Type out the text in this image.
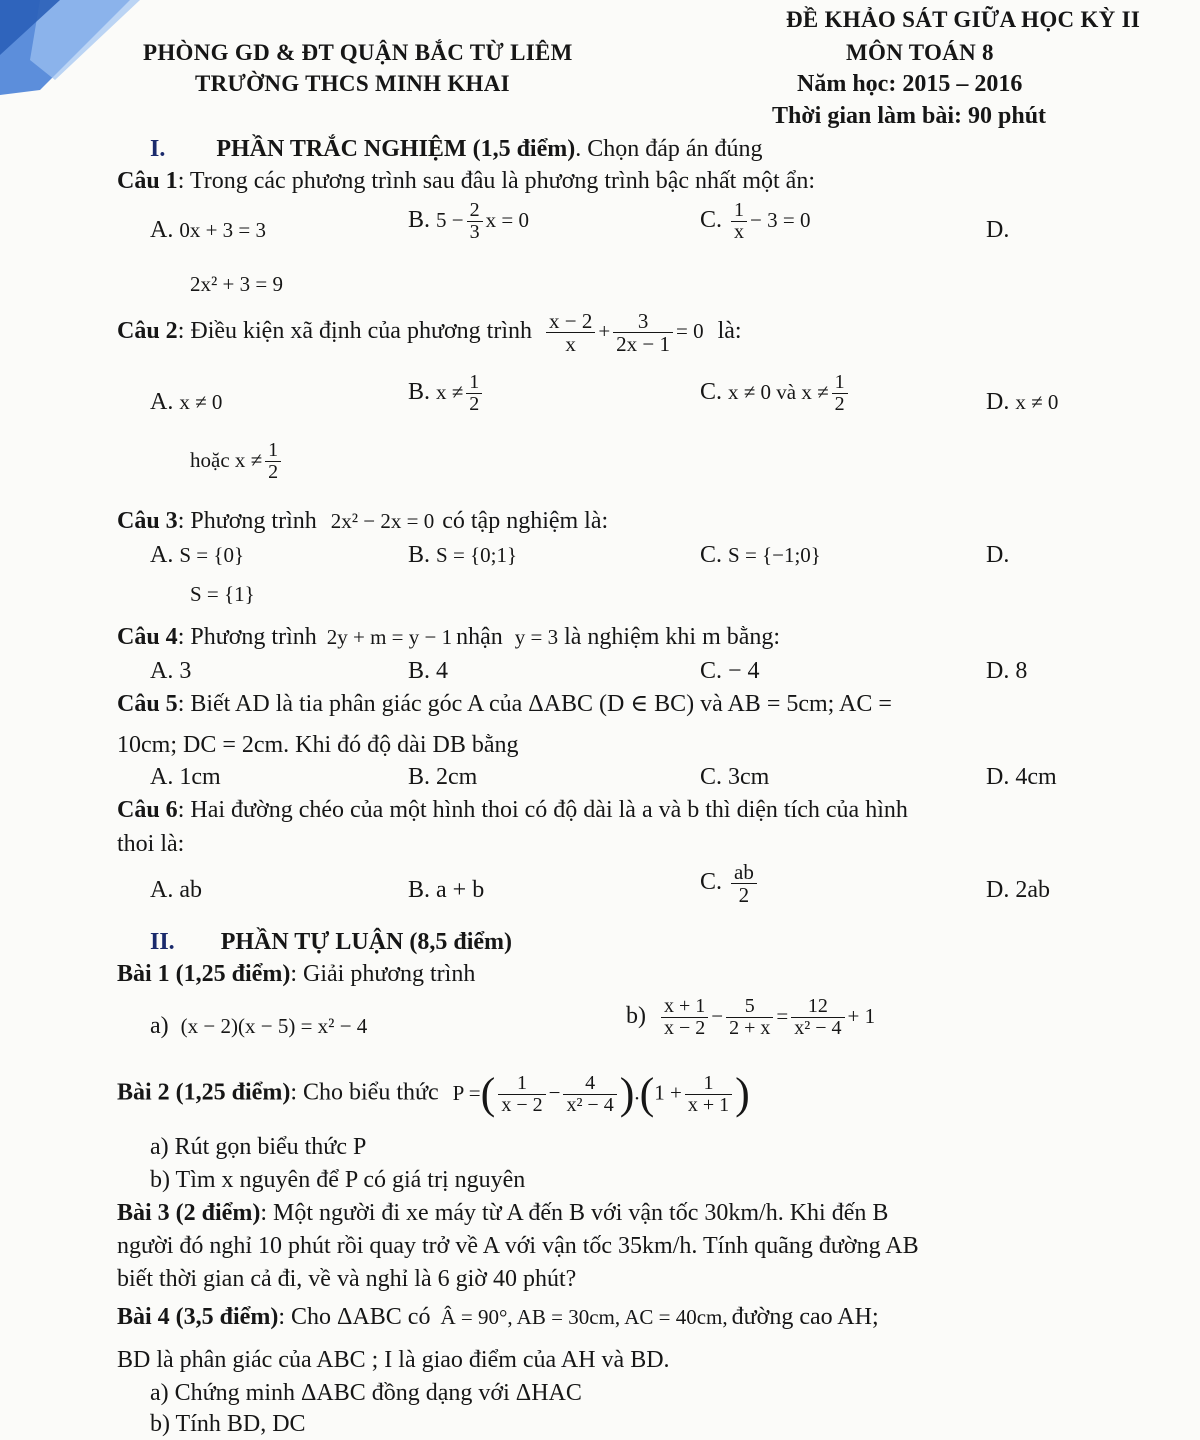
ĐỀ KHẢO SÁT GIỮA HỌC KỲ II
PHÒNG GD & ĐT QUẬN BẮC TỪ LIÊM	MÔN TOÁN 8
TRƯỜNG THCS MINH KHAI	Năm học: 2015 – 2016
Thời gian làm bài: 90 phút
I. PHẦN TRẮC NGHIỆM (1,5 điểm). Chọn đáp án đúng
Câu 1: Trong các phương trình sau đâu là phương trình bậc nhất một ẩn:
A. 0x + 3 = 3	B. $5 - \frac{2}{3}$ x = 0	C. $\frac{1}{x} - 3 = 0$	D.
2x² + 3 = 9
Câu 2: Điều kiện xã định của phương trình $\frac{x - 2}{x} + \frac{3}{2x - 1} = 0$ là:
A. x ≠ 0	B. $x \ne \frac{1}{2}$	C. x ≠ 0 và $x \ne \frac{1}{2}$	D. x ≠ 0
hoặc $x \ne \frac{1}{2}$
Câu 3: Phương trình 2x² − 2x = 0 có tập nghiệm là:
A. S = {0}	B. S = {0;1}	C. S = {−1;0}	D.
S = {1}
Câu 4: Phương trình 2y + m = y − 1 nhận y = 3 là nghiệm khi m bằng:
A. 3	B. 4	C. − 4	D. 8
Câu 5: Biết AD là tia phân giác góc A của ΔABC (D ∈ BC) và AB = 5cm; AC =
10cm; DC = 2cm. Khi đó độ dài DB bằng
A. 1cm	B. 2cm	C. 3cm	D. 4cm
Câu 6: Hai đường chéo của một hình thoi có độ dài là a và b thì diện tích của hình
thoi là:
A. ab	B. a + b	C. $\frac{ab}{2}$	D. 2ab
II. PHẦN TỰ LUẬN (8,5 điểm)
Bài 1 (1,25 điểm): Giải phương trình
a) (x − 2)(x − 5) = x² − 4	$b) \frac{x + 1}{x - 2} - \frac{5}{2 + x} = \frac{12}{\text{x² − 4}} + 1$
Bài 2 (1,25 điểm): Cho biểu thức P =( $\frac{1}{x - 2} - \frac{4}{\text{x² − 4}} ).(1 + \frac{1}{x + 1}$ )
a) Rút gọn biểu thức P
b) Tìm x nguyên để P có giá trị nguyên
Bài 3 (2 điểm): Một người đi xe máy từ A đến B với vận tốc 30km/h. Khi đến B
người đó nghỉ 10 phút rồi quay trở về A với vận tốc 35km/h. Tính quãng đường AB
biết thời gian cả đi, về và nghỉ là 6 giờ 40 phút?
Bài 4 (3,5 điểm): Cho ΔABC có Â = 90°, AB = 30cm, AC = 40cm, đường cao AH;
BD là phân giác của ABC ; I là giao điểm của AH và BD.
a) Chứng minh ΔABC đồng dạng với ΔHAC
b) Tính BD, DC
